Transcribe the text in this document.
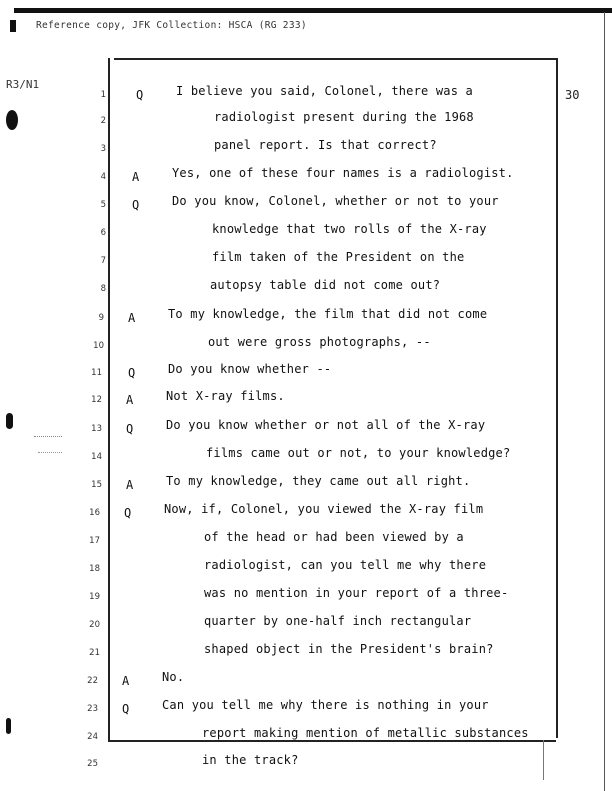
Reference copy, JFK Collection: HSCA (RG 233)
R3/N1
30
1	Q	I believe you said, Colonel, there was a
2	radiologist present during the 1968
3	panel report. Is that correct?
4 A	Yes, one of these four names is a radiologist.
5 Q	Do you know, Colonel, whether or not to your
6	knowledge that two rolls of the X-ray
7	film taken of the President on the
8	autopsy table did not come out?
9 A	To my knowledge, the film that did not come
10	out were gross photographs, --
11 Q	Do you know whether --
12 A	Not X-ray films.
13 Q	Do you know whether or not all of the X-ray
14	films came out or not, to your knowledge?
15 A	To my knowledge, they came out all right.
16 Q	Now, if, Colonel, you viewed the X-ray film
17	of the head or had been viewed by a
18	radiologist, can you tell me why there
19	was no mention in your report of a three-
20	quarter by one-half inch rectangular
21	shaped object in the President's brain?
22 A	No.
23 Q	Can you tell me why there is nothing in your
24	report making mention of metallic substances
25	in the track?
